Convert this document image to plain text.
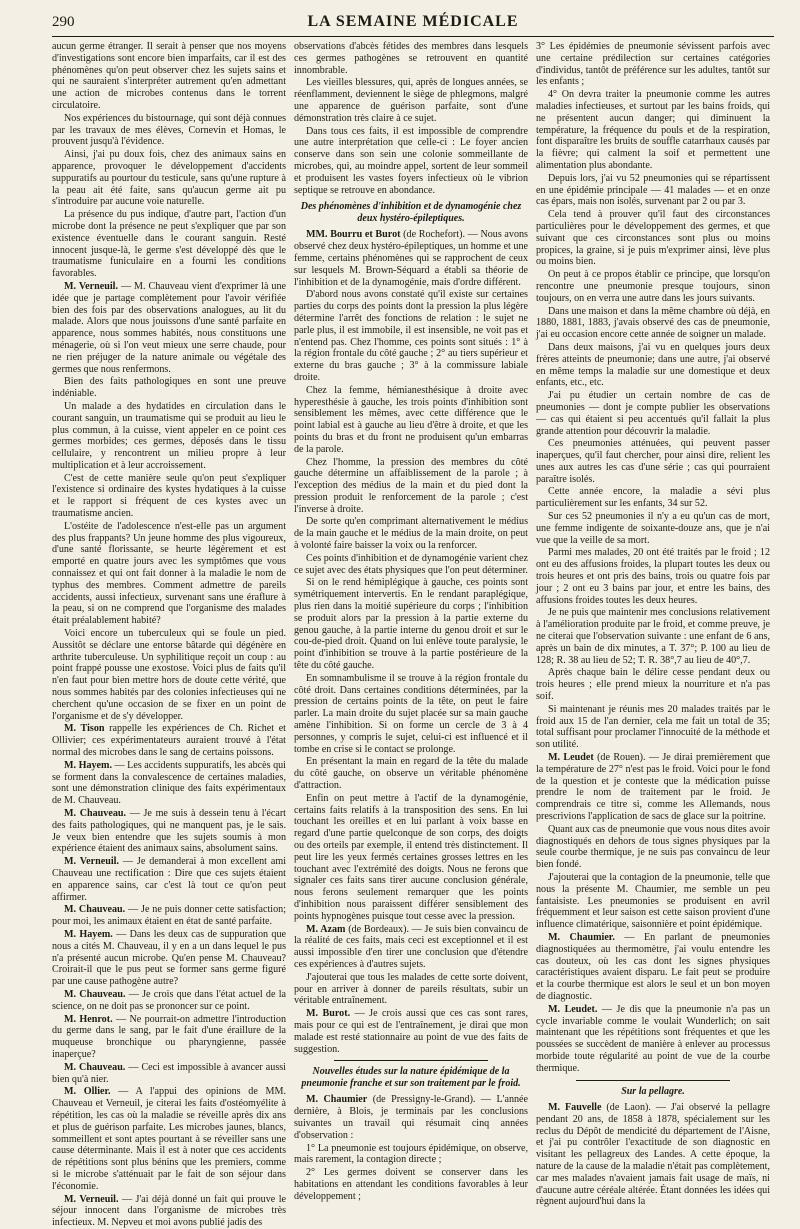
290	LA SEMAINE MÉDICALE

aucun germe étranger. Il serait à penser que nos moyens d'investigations sont encore bien imparfaits, car il est des phénomènes qu'on peut observer chez les sujets sains et qui ne sauraient s'interpréter autrement qu'en admettant une action de microbes contenus dans le torrent circulatoire.

Nos expériences du bistournage, qui sont déjà connues par les travaux de mes élèves, Cornevin et Homas, le prouvent jusqu'à l'évidence.

Ainsi, j'ai pu doux fois, chez des animaux sains en apparence, provoquer le développement d'accidents suppuratifs au pourtour du testicule, sans qu'une rupture à la peau ait été faite, sans qu'aucun germe ait pu s'introduire par aucune voie naturelle.

La présence du pus indique, d'autre part, l'action d'un microbe dont la présence ne peut s'expliquer que par son existence éventuelle dans le courant sanguin. Resté innocent jusque-là, le germe s'est développé dès que le traumatisme funiculaire en a fourni les conditions favorables.

M. Verneuil. — M. Chauveau vient d'exprimer là une idée que je partage complètement pour l'avoir vérifiée bien des fois par des observations analogues, au lit du malade. Alors que nous jouissons d'une santé parfaite en apparence, nous sommes habités, nous constituons une ménagerie, où si l'on veut mieux une serre chaude, pour ne rien préjuger de la nature animale ou végétale des germes que nous renfermons.

Bien des faits pathologiques en sont une preuve indéniable.

Un malade a des hydatides en circulation dans le courant sanguin, un traumatisme qui se produit au lieu le plus commun, à la cuisse, vient appeler en ce point ces germes morbides; ces germes, déposés dans le tissu cellulaire, y rencontrent un milieu propre à leur multiplication et à leur accroissement.

C'est de cette manière seule qu'on peut s'expliquer l'existence si ordinaire des kystes hydatiques à la cuisse et le rapport si fréquent de ces kystes avec un traumatisme ancien.

L'ostéite de l'adolescence n'est-elle pas un argument des plus frappants? Un jeune homme des plus vigoureux, d'une santé florissante, se heurte légèrement et est emporté en quatre jours avec les symptômes que vous connaissez et qui ont fait donner à la maladie le nom de typhus des membres. Comment admettre de pareils accidents, aussi infectieux, survenant sans une éraflure à la peau, si on ne comprend que l'organisme des malades était préalablement habité?

Voici encore un tuberculeux qui se foule un pied. Aussitôt se déclare une entorse bâtarde qui dégénère en arthrite tuberculeuse. Un syphilitique reçoit un coup : au point frappé pousse une exostose. Voici plus de faits qu'il n'en faut pour bien mettre hors de doute cette vérité, que nous sommes habités par des colonies infectieuses qui ne cherchent qu'une occasion de se fixer en un point de l'organisme et de s'y développer.

M. Tison rappelle les expériences de Ch. Richet et Ollivier; ces expérimentateurs auraient trouvé à l'état normal des microbes dans le sang de certains poissons.

M. Hayem. — Les accidents suppuratifs, les abcès qui se forment dans la convalescence de certaines maladies, sont une démonstration clinique des faits expérimentaux de M. Chauveau.

M. Chauveau. — Je me suis à dessein tenu à l'écart des faits pathologiques, qui ne manquent pas, je le sais. Je veux bien entendre que les sujets soumis à mon expérience étaient des animaux sains, absolument sains.

M. Verneuil. — Je demanderai à mon excellent ami Chauveau une rectification : Dire que ces sujets étaient en apparence sains, car c'est là tout ce qu'on peut affirmer.

M. Chauveau. — Je ne puis donner cette satisfaction; pour moi, les animaux étaient en état de santé parfaite.

M. Hayem. — Dans les deux cas de suppuration que nous a cités M. Chauveau, il y en a un dans lequel le pus n'a présenté aucun microbe. Qu'en pense M. Chauveau? Croirait-il que le pus peut se former sans germe figuré par une cause pathogène autre?

M. Chauveau. — Je crois que dans l'état actuel de la science, on ne doit pas se prononcer sur ce point.

M. Henrot. — Ne pourrait-on admettre l'introduction du germe dans le sang, par le fait d'une éraillure de la muqueuse bronchique ou pharyngienne, passée inaperçue?

M. Chauveau. — Ceci est impossible à avancer aussi bien qu'à nier.

M. Ollier. — A l'appui des opinions de MM. Chauveau et Verneuil, je citerai les faits d'ostéomyélite à répétition, les cas où la maladie se réveille après dix ans et plus de guérison parfaite. Les microbes jaunes, blancs, sommeillent et sont aptes pourtant à se réveiller sans une cause déterminante. Mais il est à noter que ces accidents de répétitions sont plus bénins que les premiers, comme si le microbe s'atténuait par le fait de son séjour dans l'économie.

M. Verneuil. — J'ai déjà donné un fait qui prouve le séjour innocent dans l'organisme de microbes très infectieux. M. Nepveu et moi avons publié jadis des

observations d'abcès fétides des membres dans lesquels ces germes pathogènes se retrouvent en quantité innombrable.

Les vieilles blessures, qui, après de longues années, se réenflamment, deviennent le siège de phlegmons, malgré une apparence de guérison parfaite, sont d'une démonstration très claire à ce sujet.

Dans tous ces faits, il est impossible de comprendre une autre interprétation que celle-ci : Le foyer ancien conserve dans son sein une colonie sommeillante de microbes, qui, au moindre appel, sortent de leur sommeil et produisent les vastes foyers infectieux où le vibrion septique se retrouve en abondance.

Des phénomènes d'inhibition et de dynamogénie chez deux hystéro-épileptiques.

MM. Bourru et Burot (de Rochefort). — Nous avons observé chez deux hystéro-épileptiques, un homme et une femme, certains phénomènes qui se rapprochent de ceux sur lesquels M. Brown-Séquard a établi sa théorie de l'inhibition et de la dynamogénie, mais d'ordre différent.

D'abord nous avons constaté qu'il existe sur certaines parties du corps des points dont la pression la plus légère détermine l'arrêt des fonctions de relation : le sujet ne parle plus, il est immobile, il est insensible, ne voit pas et n'entend pas. Chez l'homme, ces points sont situés : 1° à la région frontale du côté gauche ; 2° au tiers supérieur et externe du bras gauche ; 3° à la commissure labiale droite.

Chez la femme, hémianesthésique à droite avec hyperesthésie à gauche, les trois points d'inhibition sont sensiblement les mêmes, avec cette différence que le point labial est à gauche au lieu d'être à droite, et que les points du bras et du front ne produisent qu'un embarras de la parole.

Chez l'homme, la pression des membres du côté gauche détermine un affaiblissement de la parole ; à l'exception des médius de la main et du pied dont la pression produit le renforcement de la parole ; c'est l'inverse à droite.

De sorte qu'en comprimant alternativement le médius de la main gauche et le médius de la main droite, on peut à volonté faire baisser la voix ou la renforcer.

Ces points d'inhibition et de dynamogénie varient chez ce sujet avec des états physiques que l'on peut déterminer.

Si on le rend hémiplégique à gauche, ces points sont symétriquement intervertis. En le rendant paraplégique, plus rien dans la moitié supérieure du corps ; l'inhibition se produit alors par la pression à la partie externe du genou gauche, à la partie interne du genou droit et sur le cou-de-pied droit. Quand on lui enlève toute paralysie, le point d'inhibition se trouve à la partie postérieure de la tête du côté gauche.

En somnambulisme il se trouve à la région frontale du côté droit. Dans certaines conditions déterminées, par la pression de certains points de la tête, on peut le faire parler. La main droite du sujet placée sur sa main gauche amène l'inhibition. Si on forme un cercle de 3 à 4 personnes, y compris le sujet, celui-ci est influencé et il tombe en crise si le contact se prolonge.

En présentant la main en regard de la tête du malade du côté gauche, on observe un véritable phénomène d'attraction.

Enfin on peut mettre à l'actif de la dynamogénie, certains faits relatifs à la transposition des sens. En lui touchant les oreilles et en lui parlant à voix basse en regard d'une partie quelconque de son corps, des doigts ou des orteils par exemple, il entend très distinctement. Il peut lire les yeux fermés certaines grosses lettres en les touchant avec l'extrémité des doigts. Nous ne ferons que signaler ces faits sans tirer aucune conclusion générale, nous ferons seulement remarquer que les points d'inhibition nous paraissent différer sensiblement des points hypnogènes puisque tout cesse avec la pression.

M. Azam (de Bordeaux). — Je suis bien convaincu de la réalité de ces faits, mais ceci est exceptionnel et il est aussi impossible d'en tirer une conclusion que d'étendre ces expériences à d'autres sujets.

J'ajouterai que tous les malades de cette sorte doivent, pour en arriver à donner de pareils résultats, subir un véritable entraînement.

M. Burot. — Je crois aussi que ces cas sont rares, mais pour ce qui est de l'entraînement, je dirai que mon malade est resté stationnaire au point de vue des faits de suggestion.

Nouvelles études sur la nature épidémique de la pneumonie franche et sur son traitement par le froid.

M. Chaumier (de Pressigny-le-Grand). — L'année dernière, à Blois, je terminais par les conclusions suivantes un travail qui résumait cinq années d'observation :

1° La pneumonie est toujours épidémique, on observe, mais rarement, la contagion directe ;

2° Les germes doivent se conserver dans les habitations en attendant les conditions favorables à leur développement ;

3° Les épidémies de pneumonie sévissent parfois avec une certaine prédilection sur certaines catégories d'individus, tantôt de préférence sur les adultes, tantôt sur les enfants ;

4° On devra traiter la pneumonie comme les autres maladies infectieuses, et surtout par les bains froids, qui ne présentent aucun danger; qui diminuent la température, la fréquence du pouls et de la respiration, font disparaître les bruits de souffle catarrhaux causés par la fièvre; qui calment la soif et permettent une alimentation plus abondante.

Depuis lors, j'ai vu 52 pneumonies qui se répartissent en une épidémie principale — 41 malades — et en onze cas épars, mais non isolés, survenant par 2 ou par 3.

Cela tend à prouver qu'il faut des circonstances particulières pour le développement des germes, et que suivant que ces circonstances sont plus ou moins propices, la graine, si je puis m'exprimer ainsi, lève plus ou moins bien.

On peut à ce propos établir ce principe, que lorsqu'on rencontre une pneumonie presque toujours, sinon toujours, on en verra une autre dans les jours suivants.

Dans une maison et dans la même chambre où déjà, en 1880, 1881, 1883, j'avais observé des cas de pneumonie, j'ai eu occasion encore cette année de soigner un malade.

Dans deux maisons, j'ai vu en quelques jours deux frères atteints de pneumonie; dans une autre, j'ai observé en même temps la maladie sur une domestique et deux enfants, etc., etc.

J'ai pu étudier un certain nombre de cas de pneumonies — dont je compte publier les observations — cas qui étaient si peu accentués qu'il fallait la plus grande attention pour découvrir la maladie.

Ces pneumonies atténuées, qui peuvent passer inaperçues, qu'il faut chercher, pour ainsi dire, relient les unes aux autres les cas d'une série ; cas qui pourraient paraître isolés.

Cette année encore, la maladie a sévi plus particulièrement sur les enfants, 34 sur 52.

Sur ces 52 pneumonies il n'y a eu qu'un cas de mort, une femme indigente de soixante-douze ans, que je n'ai vue que la veille de sa mort.

Parmi mes malades, 20 ont été traités par le froid ; 12 ont eu des affusions froides, la plupart toutes les deux ou trois heures et ont pris des bains, trois ou quatre fois par jour ; 2 ont eu 3 bains par jour, et entre les bains, des affusions froides toutes les deux heures.

Je ne puis que maintenir mes conclusions relativement à l'amélioration produite par le froid, et comme preuve, je ne citerai que l'observation suivante : une enfant de 6 ans, après un bain de dix minutes, a T. 37°; P. 100 au lieu de 128; R. 38 au lieu de 52; T. R. 38°,7 au lieu de 40°,7.

Après chaque bain le délire cesse pendant deux ou trois heures ; elle prend mieux la nourriture et n'a pas soif.

Si maintenant je réunis mes 20 malades traités par le froid aux 15 de l'an dernier, cela me fait un total de 35; total suffisant pour proclamer l'innocuité de la méthode et son utilité.

M. Leudet (de Rouen). — Je dirai premièrement que la température de 27° n'est pas le froid. Voici pour le fond de la question et je conteste que la médication puisse prendre le nom de traitement par le froid. Je comprendrais ce titre si, comme les Allemands, nous prescrivions l'application de sacs de glace sur la poitrine.

Quant aux cas de pneumonie que vous nous dites avoir diagnostiqués en dehors de tous signes physiques par la seule courbe thermique, je ne suis pas convaincu de leur bien fondé.

J'ajouterai que la contagion de la pneumonie, telle que nous la présente M. Chaumier, me semble un peu fantaisiste. Les pneumonies se produisent en avril fréquemment et leur saison est cette saison provient d'une influence climatérique, saisonnière et point épidémique.

M. Chaumier. — En parlant de pneumonies diagnostiquées au thermomètre, j'ai voulu entendre les cas douteux, où les cas dont les signes physiques caractéristiques avaient disparu. Le fait peut se produire et la courbe thermique est alors le seul et un bon moyen de diagnostic.

M. Leudet. — Je dis que la pneumonie n'a pas un cycle invariable comme le voulait Wunderlich; on sait maintenant que les répétitions sont fréquentes et que les poussées se succèdent de manière à enlever au processus morbide toute régularité au point de vue de la courbe thermique.

Sur la pellagre.

M. Fauvelle (de Laon). — J'ai observé la pellagre pendant 20 ans, de 1858 à 1878, spécialement sur les reclus du Dépôt de mendicité du département de l'Aisne, et j'ai pu contrôler l'exactitude de son diagnostic en visitant les pellagreux des Landes. A cette époque, la nature de la cause de la maladie n'était pas complètement, car mes malades n'avaient jamais fait usage de maïs, ni d'aucune autre céréale altérée. Étant données les idées qui règnent aujourd'hui dans la
